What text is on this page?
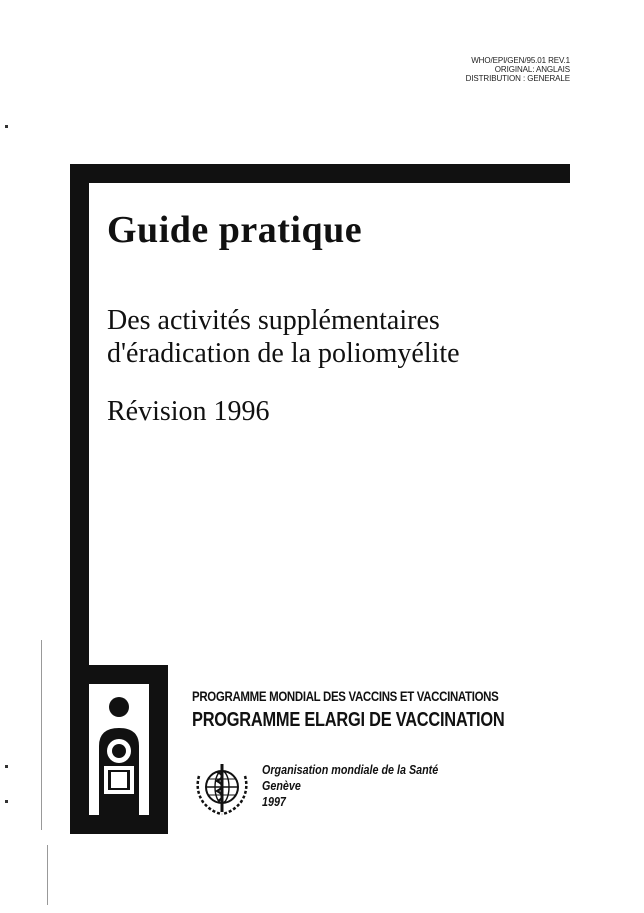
WHO/EPI/GEN/95.01 REV.1
ORIGINAL: ANGLAIS
DISTRIBUTION : GENERALE
Guide pratique
Des activités supplémentaires
d'éradication de la poliomyélite
Révision 1996
PROGRAMME MONDIAL DES VACCINS ET VACCINATIONS
PROGRAMME ELARGI DE VACCINATION
Organisation mondiale de la Santé
Genève
1997
